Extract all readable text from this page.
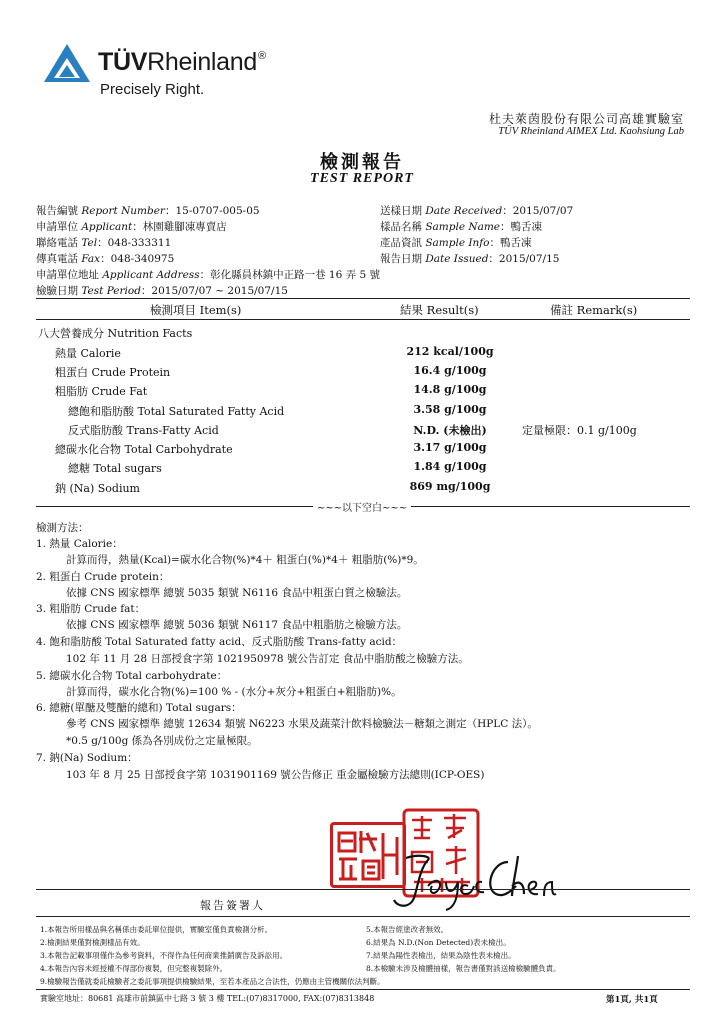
TÜVRheinland®
Precisely Right.
杜夫萊茵股份有限公司高雄實驗室
TÜV Rheinland AIMEX Ltd. Kaohsiung Lab
檢測報告
TEST REPORT
報告編號 Report Number：15-0707-005-05
申請單位 Applicant：林園雞腳凍專賣店
聯絡電話 Tel：048-333311
傳真電話 Fax：048-340975
申請單位地址 Applicant Address：彰化縣員林鎮中正路一巷 16 弄 5 號
檢驗日期 Test Period：2015/07/07 ~ 2015/07/15
送樣日期 Date Received：2015/07/07
樣品名稱 Sample Name：鴨舌凍
產品資訊 Sample Info：鴨舌凍
報告日期 Date Issued：2015/07/15
檢測項目 Item(s)	結果 Result(s)	備註 Remark(s)
八大營養成分 Nutrition Facts
熱量 Calorie	212 kcal/100g
粗蛋白 Crude Protein	16.4 g/100g
粗脂肪 Crude Fat	14.8 g/100g
總飽和脂肪酸 Total Saturated Fatty Acid	3.58 g/100g
反式脂肪酸 Trans-Fatty Acid	N.D. (未檢出)	定量極限：0.1 g/100g
總碳水化合物 Total Carbohydrate	3.17 g/100g
總糖 Total sugars	1.84 g/100g
鈉 (Na) Sodium	869 mg/100g
~~~以下空白~~~
檢測方法：
1. 熱量 Calorie：
計算而得，熱量(Kcal)=碳水化合物(%)*4＋ 粗蛋白(%)*4＋ 粗脂肪(%)*9。
2. 粗蛋白 Crude protein：
依據 CNS 國家標準 總號 5035 類號 N6116 食品中粗蛋白質之檢驗法。
3. 粗脂肪 Crude fat：
依據 CNS 國家標準 總號 5036 類號 N6117 食品中粗脂肪之檢驗方法。
4. 飽和脂肪酸 Total Saturated fatty acid、反式脂肪酸 Trans-fatty acid：
102 年 11 月 28 日部授食字第 1021950978 號公告訂定 食品中脂肪酸之檢驗方法。
5. 總碳水化合物 Total carbohydrate：
計算而得，碳水化合物(%)=100 % - (水分+灰分+粗蛋白+粗脂肪)%。
6. 總糖(單醣及雙醣的總和) Total sugars：
參考 CNS 國家標準 總號 12634 類號 N6223 水果及蔬菜汁飲料檢驗法－糖類之測定（HPLC 法）。
*0.5 g/100g 係為各別成份之定量極限。
7. 鈉(Na) Sodium：
103 年 8 月 25 日部授食字第 1031901169 號公告修正 重金屬檢驗方法總則(ICP-OES)
報告簽署人
1.本報告所用樣品與名稱係由委託單位提供，實驗室僅負責檢測分析。
2.檢測結果僅對檢測樣品有效。
3.本報告記載事項僅作為參考資料，不得作為任何商業推銷廣告及訴訟用。
4.本報告內容未經授權不得部份複製，但完整複製除外。
9.檢驗報告僅就委託檢驗者之委託事項提供檢驗結果，至若本產品之合法性，仍應由主管機關依法判斷。
5.本報告經塗改者無效。
6.結果為 N.D.(Non Detected)表未檢出。
7.結果為陽性表檢出，結果為陰性表未檢出。
8.本檢驗未涉及檢體抽樣，報告書僅對該送檢檢驗體負責。
實驗室地址：80681 高雄市前鎮區中七路 3 號 3 樓 TEL:(07)8317000, FAX:(07)8313848	第1頁, 共1頁
